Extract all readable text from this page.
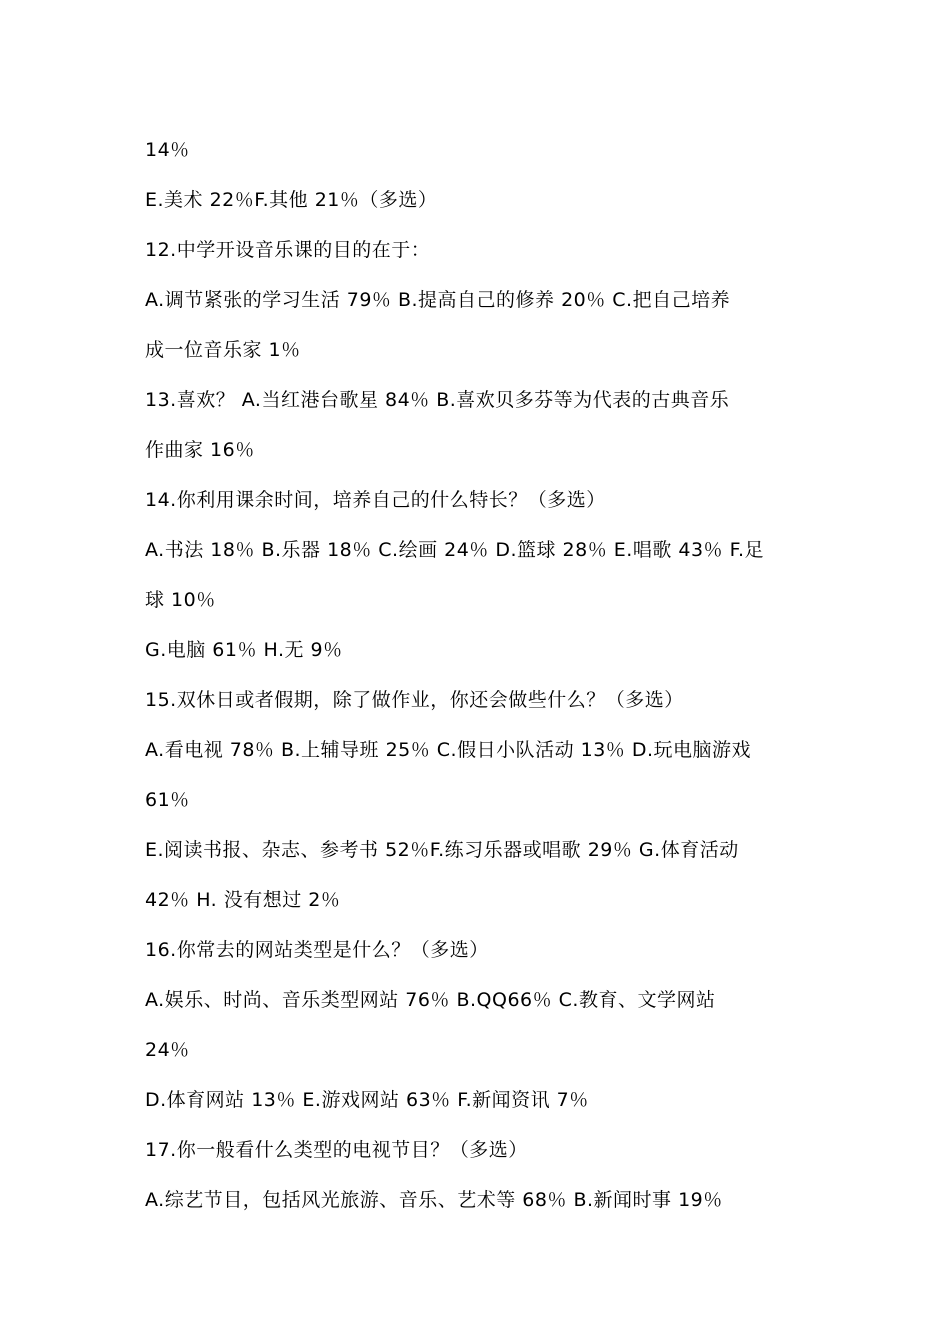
14％
E.美术 22％F.其他 21％（多选）
12.中学开设音乐课的目的在于：
A.调节紧张的学习生活 79％ B.提高自己的修养 20％ C.把自己培养
成一位音乐家 1％
13.喜欢？ A.当红港台歌星 84％ B.喜欢贝多芬等为代表的古典音乐
作曲家 16％
14.你利用课余时间，培养自己的什么特长？（多选）
A.书法 18％ B.乐器 18％ C.绘画 24％ D.篮球 28％ E.唱歌 43％ F.足
球 10％
G.电脑 61％ H.无 9％
15.双休日或者假期，除了做作业，你还会做些什么？（多选）
A.看电视 78％ B.上辅导班 25％ C.假日小队活动 13％ D.玩电脑游戏
61％
E.阅读书报、杂志、参考书 52％F.练习乐器或唱歌 29％ G.体育活动
42％ H. 没有想过 2％
16.你常去的网站类型是什么？（多选）
A.娱乐、时尚、音乐类型网站 76％ B.QQ66％ C.教育、文学网站
24％
D.体育网站 13％ E.游戏网站 63％ F.新闻资讯 7％
17.你一般看什么类型的电视节目？（多选）
A.综艺节目，包括风光旅游、音乐、艺术等 68％ B.新闻时事 19％
